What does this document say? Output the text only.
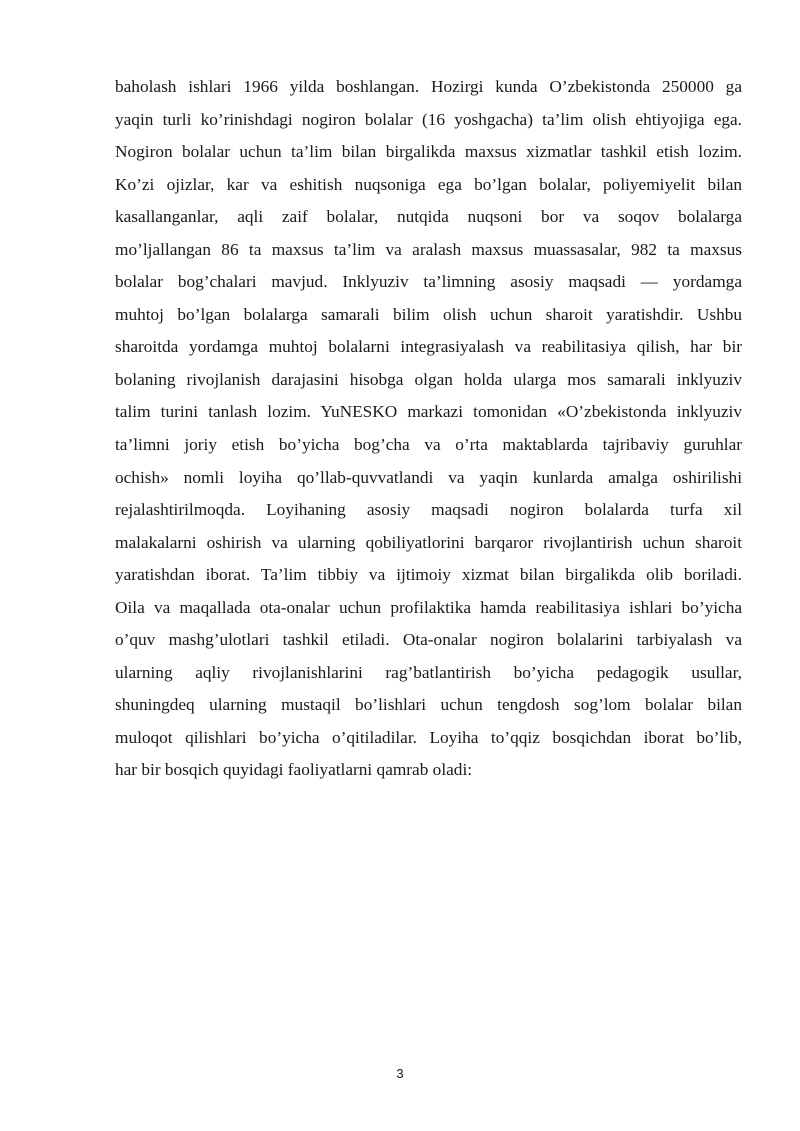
baholash ishlari 1966 yilda boshlangan. Hozirgi kunda O’zbekistonda 250000 ga
yaqin turli ko’rinishdagi nogiron bolalar (16 yoshgacha) ta’lim olish ehtiyojiga ega.
Nogiron bolalar uchun ta’lim bilan birgalikda maxsus xizmatlar tashkil etish lozim.
Ko’zi ojizlar, kar va eshitish nuqsoniga ega bo’lgan bolalar, poliyemiyelit bilan
kasallanganlar, aqli zaif bolalar, nutqida nuqsoni bor va soqov bolalarga
mo’ljallangan 86 ta maxsus ta’lim va aralash maxsus muassasalar, 982 ta maxsus
bolalar bog’chalari mavjud. Inklyuziv ta’limning asosiy maqsadi — yordamga
muhtoj bo’lgan bolalarga samarali bilim olish uchun sharoit yaratishdir. Ushbu
sharoitda yordamga muhtoj bolalarni integrasiyalash va reabilitasiya qilish, har bir
bolaning rivojlanish darajasini hisobga olgan holda ularga mos samarali inklyuziv
talim turini tanlash lozim. YuNESKO markazi tomonidan «O’zbekistonda inklyuziv
ta’limni joriy etish bo’yicha bog’cha va o’rta maktablarda tajribaviy guruhlar
ochish» nomli loyiha qo’llab-quvvatlandi va yaqin kunlarda amalga oshirilishi
rejalashtirilmoqda. Loyihaning asosiy maqsadi nogiron bolalarda turfa xil
malakalarni oshirish va ularning qobiliyatlorini barqaror rivojlantirish uchun sharoit
yaratishdan iborat. Ta’lim tibbiy va ijtimoiy xizmat bilan birgalikda olib boriladi.
Oila va maqallada ota-onalar uchun profilaktika hamda reabilitasiya ishlari bo’yicha
o’quv mashg’ulotlari tashkil etiladi. Ota-onalar nogiron bolalarini tarbiyalash va
ularning aqliy rivojlanishlarini rag’batlantirish bo’yicha pedagogik usullar,
shuningdeq ularning mustaqil bo’lishlari uchun tengdosh sog’lom bolalar bilan
muloqot qilishlari bo’yicha o’qitiladilar. Loyiha to’qqiz bosqichdan iborat bo’lib,
har bir bosqich quyidagi faoliyatlarni qamrab oladi:

3
